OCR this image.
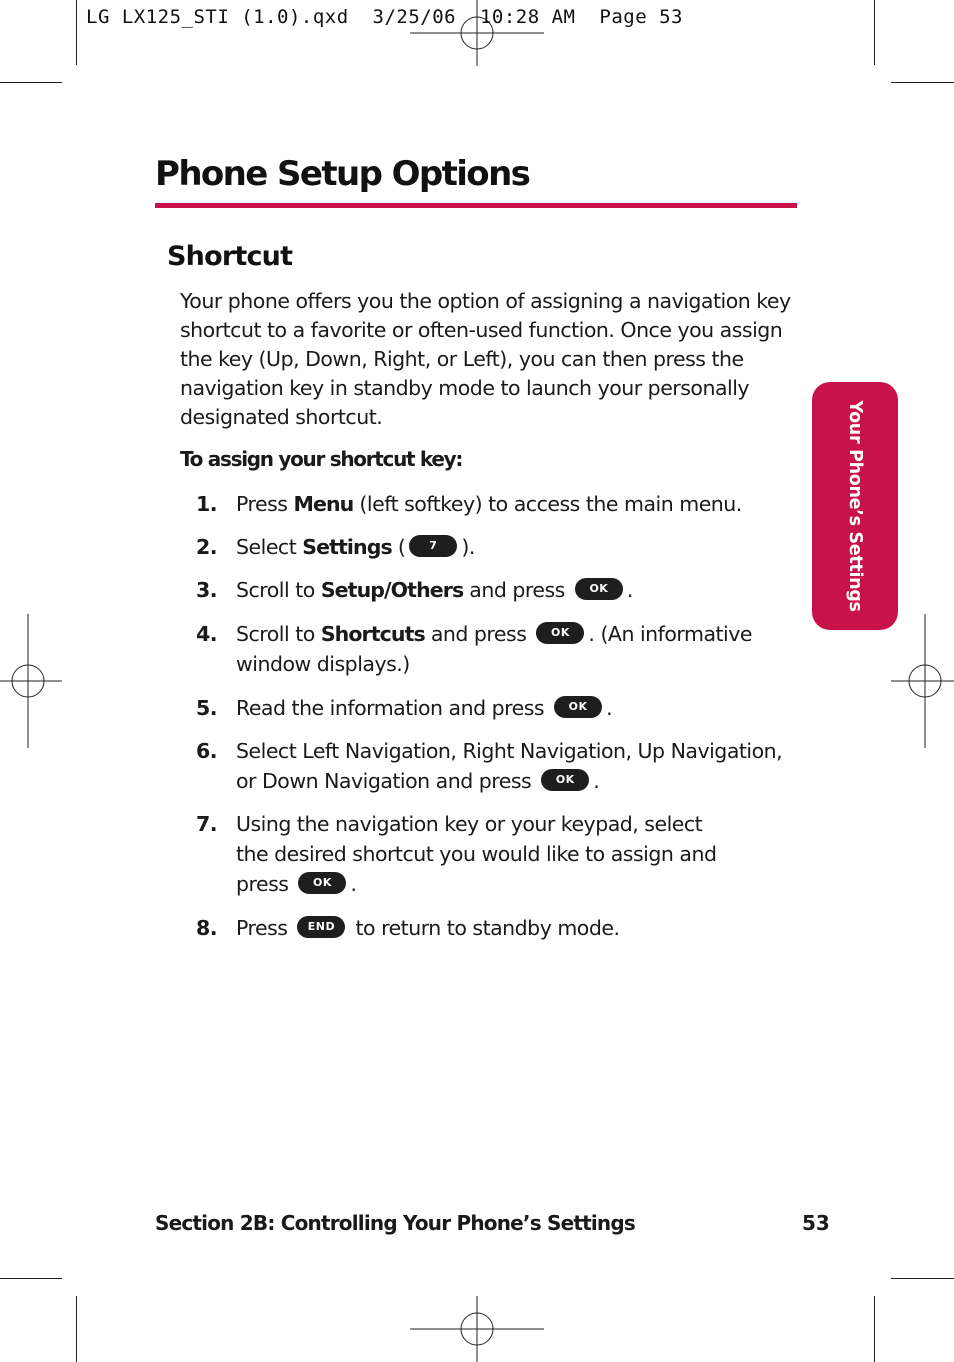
LG LX125_STI (1.0).qxd  3/25/06  10:28 AM  Page 53
Phone Setup Options
Shortcut

Your phone offers you the option of assigning a navigation key shortcut to a favorite or often-used function. Once you assign the key (Up, Down, Right, or Left), you can then press the navigation key in standby mode to launch your personally designated shortcut.

To assign your shortcut key:

1. Press Menu (left softkey) to access the main menu.
2. Select Settings ( 7 ).
3. Scroll to Setup/Others and press OK .
4. Scroll to Shortcuts and press OK . (An informative window displays.)
5. Read the information and press OK .
6. Select Left Navigation, Right Navigation, Up Navigation, or Down Navigation and press OK .
7. Using the navigation key or your keypad, select
the desired shortcut you would like to assign and
press OK .
8. Press END to return to standby mode.
Your Phone’s Settings

Section 2B: Controlling Your Phone’s Settings	53
